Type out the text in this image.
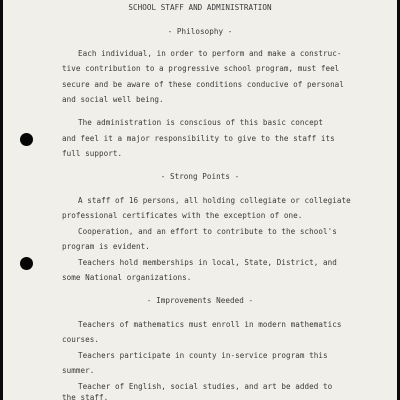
SCHOOL STAFF AND ADMINISTRATION

- Philosophy -

Each individual, in order to perform and make a construc-

tive contribution to a progressive school program, must feel

secure and be aware of these conditions conducive of personal

and social well being.

The administration is conscious of this basic concept

and feel it a major responsibility to give to the staff its

full support.

- Strong Points -

A staff of 16 persons, all holding collegiate or collegiate

professional certificates with the exception of one.

Cooperation, and an effort to contribute to the school's

program is evident.

Teachers hold memberships in local, State, District, and

some National organizations.

- Improvements Needed -

Teachers of mathematics must enroll in modern mathematics

courses.

Teachers participate in county in-service program this

summer.

Teacher of English, social studies, and art be added to

the staff.
